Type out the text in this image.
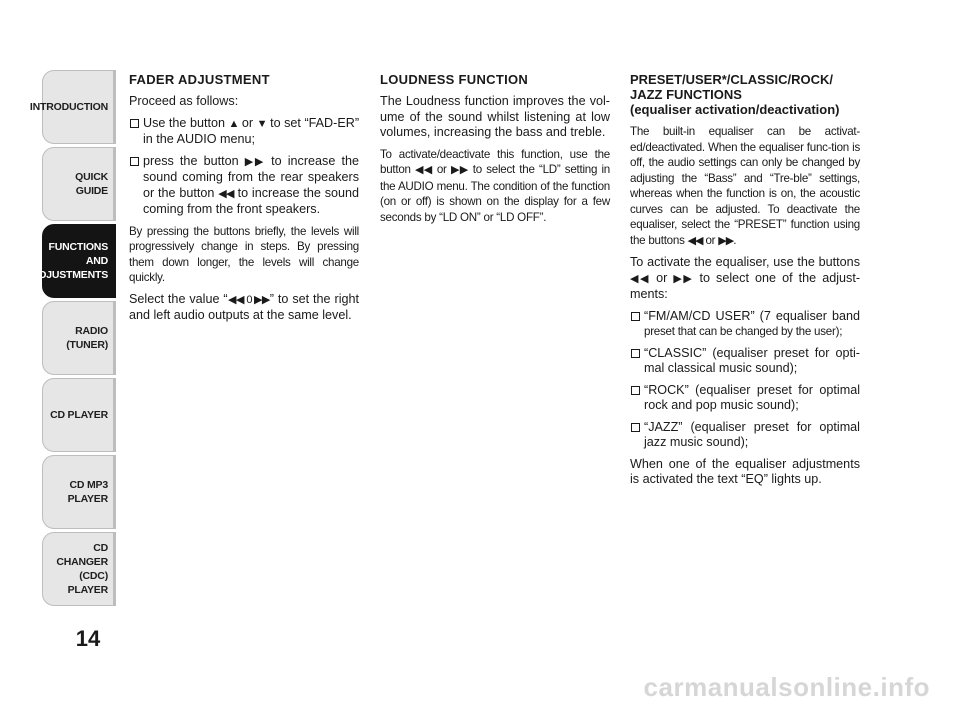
INTRODUCTION
QUICK
GUIDE
FUNCTIONS
AND
ADJUSTMENTS
RADIO
(TUNER)
CD PLAYER
CD MP3
PLAYER
CD CHANGER
(CDC) PLAYER
14
FADER ADJUSTMENT

Proceed as follows:

Use the button ▲ or ▼ to set “FAD-ER” in the AUDIO menu;
press the button ▶▶ to increase the sound coming from the rear speakers or the button ◀◀ to increase the sound coming from the front speakers.

By pressing the buttons briefly, the levels will progressively change in steps. By pressing them down longer, the levels will change quickly.

Select the value “◀◀ 0 ▶▶” to set the right and left audio outputs at the same level.

LOUDNESS FUNCTION

The Loudness function improves the vol-ume of the sound whilst listening at low volumes, increasing the bass and treble.

To activate/deactivate this function, use the button ◀◀ or ▶▶ to select the “LD” setting in the AUDIO menu. The condition of the function (on or off) is shown on the display for a few seconds by “LD ON” or “LD OFF”.

PRESET/USER*/CLASSIC/ROCK/
JAZZ FUNCTIONS
(equaliser activation/deactivation)

The built-in equaliser can be activat-ed/deactivated. When the equaliser func-tion is off, the audio settings can only be changed by adjusting the “Bass” and “Tre-ble” settings, whereas when the function is on, the acoustic curves can be adjusted. To deactivate the equaliser, select the “PRESET” function using the buttons ◀◀ or ▶▶.

To activate the equaliser, use the buttons ◀◀ or ▶▶ to select one of the adjust-ments:

“FM/AM/CD USER” (7 equaliser band preset that can be changed by the user);
“CLASSIC” (equaliser preset for opti-mal classical music sound);
“ROCK” (equaliser preset for optimal rock and pop music sound);
“JAZZ” (equaliser preset for optimal jazz music sound);

When one of the equaliser adjustments is activated the text “EQ” lights up.

carmanualsonline.info
